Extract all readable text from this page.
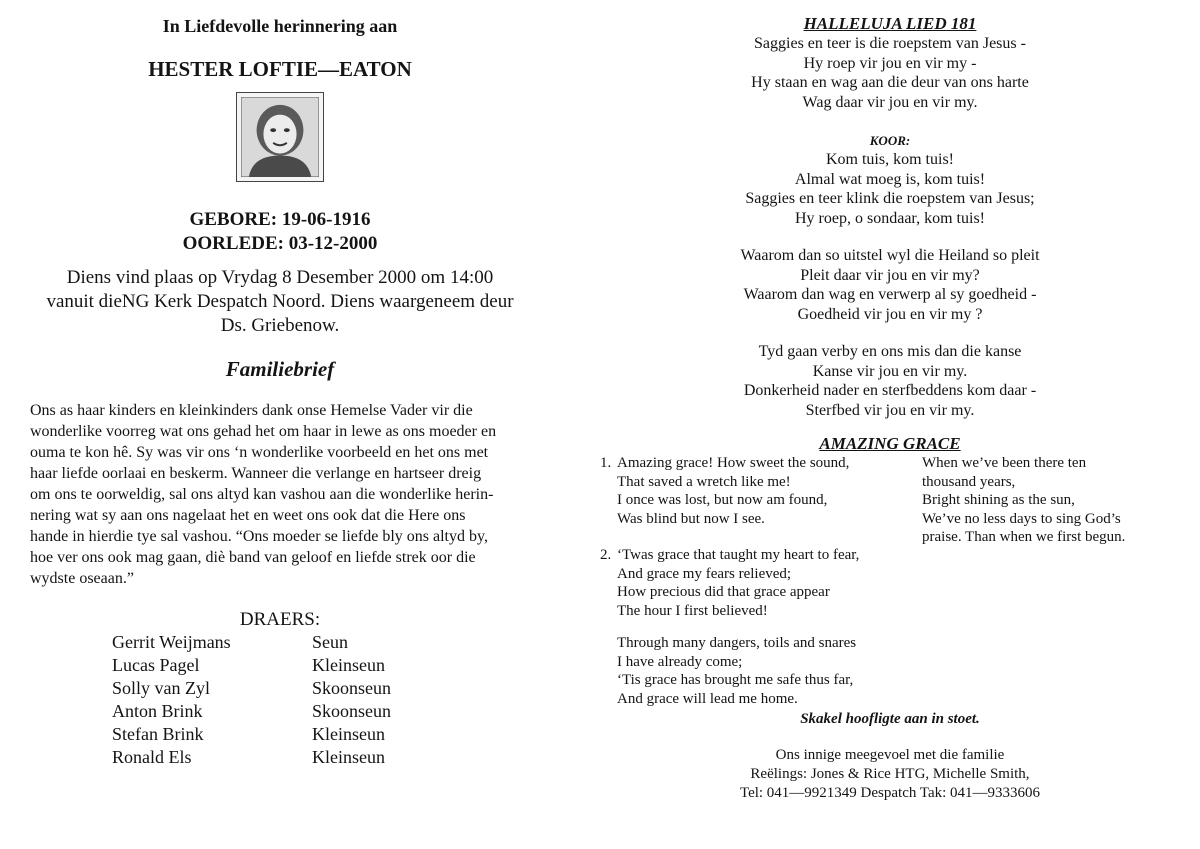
In Liefdevolle herinnering aan
HESTER LOFTIE—EATON
GEBORE: 19-06-1916
OORLEDE: 03-12-2000
Diens vind plaas op Vrydag 8 Desember 2000 om 14:00
vanuit dieNG Kerk Despatch Noord. Diens waargeneem deur
Ds. Griebenow.
Familiebrief
Ons as haar kinders en kleinkinders dank onse Hemelse Vader vir die
wonderlike voorreg wat ons gehad het om haar in lewe as ons moeder en
ouma te kon hê. Sy was vir ons ‘n wonderlike voorbeeld en het ons met
haar liefde oorlaai en beskerm. Wanneer die verlange en hartseer dreig
om ons te oorweldig, sal ons altyd kan vashou aan die wonderlike herin-
nering wat sy aan ons nagelaat het en weet ons ook dat die Here ons
hande in hierdie tye sal vashou. “Ons moeder se liefde bly ons altyd by,
hoe ver ons ook mag gaan, diè band van geloof en liefde strek oor die
wydste oseaan.”
DRAERS:
Gerrit Weijmans	Seun
Lucas Pagel	Kleinseun
Solly van Zyl	Skoonseun
Anton Brink	Skoonseun
Stefan Brink	Kleinseun
Ronald Els	Kleinseun
HALLELUJA LIED 181
Saggies en teer is die roepstem van Jesus -
Hy roep vir jou en vir my -
Hy staan en wag aan die deur van ons harte
Wag daar vir jou en vir my.
KOOR:
Kom tuis, kom tuis!
Almal wat moeg is, kom tuis!
Saggies en teer klink die roepstem van Jesus;
Hy roep, o sondaar, kom tuis!
Waarom dan so uitstel wyl die Heiland so pleit
Pleit daar vir jou en vir my?
Waarom dan wag en verwerp al sy goedheid -
Goedheid vir jou en vir my ?
Tyd gaan verby en ons mis dan die kanse
Kanse vir jou en vir my.
Donkerheid nader en sterfbeddens kom daar -
Sterfbed vir jou en vir my.
AMAZING GRACE
1. Amazing grace! How sweet the sound,
That saved a wretch like me!
I once was lost, but now am found,
Was blind but now I see.
When we’ve been there ten
thousand years,
Bright shining as the sun,
We’ve no less days to sing God’s
praise. Than when we first begun.
2. ‘Twas grace that taught my heart to fear,
And grace my fears relieved;
How precious did that grace appear
The hour I first believed!
Through many dangers, toils and snares
I have already come;
‘Tis grace has brought me safe thus far,
And grace will lead me home.
Skakel hoofligte aan in stoet.
Ons innige meegevoel met die familie
Reëlings: Jones & Rice HTG, Michelle Smith,
Tel: 041—9921349 Despatch Tak: 041—9333606
